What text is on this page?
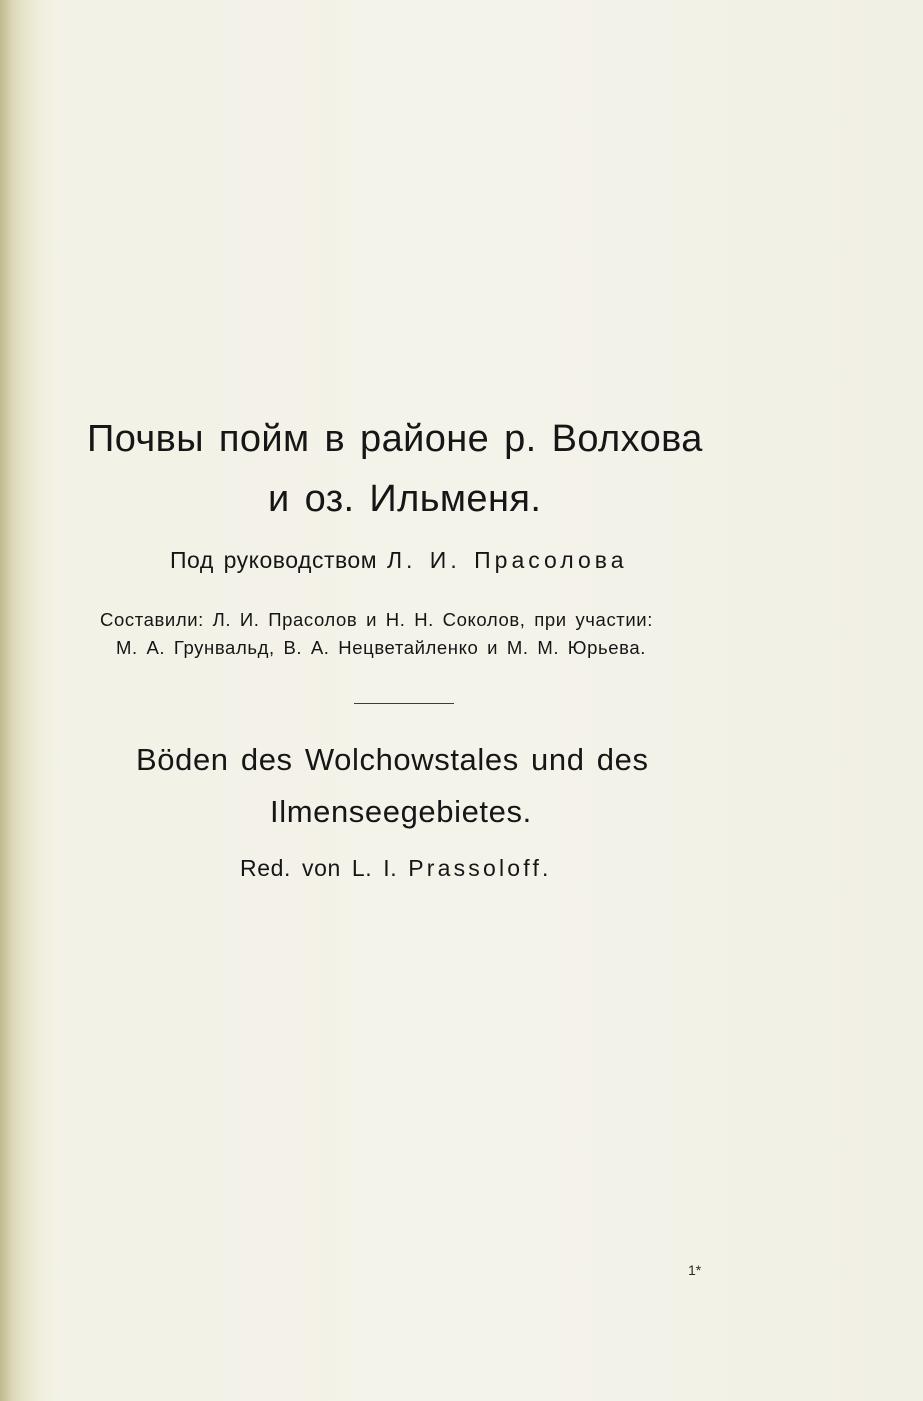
Почвы пойм в районе р. Волхова
и оз. Ильменя.
Под руководством Л. И. Прасолова
Составили: Л. И. Прасолов и Н. Н. Соколов, при участии:
М. А. Грунвальд, В. А. Нецветайленко и М. М. Юрьева.
Böden des Wolchowstales und des
Ilmenseegebietes.
Red. von L. I. Prassoloff.
1*
